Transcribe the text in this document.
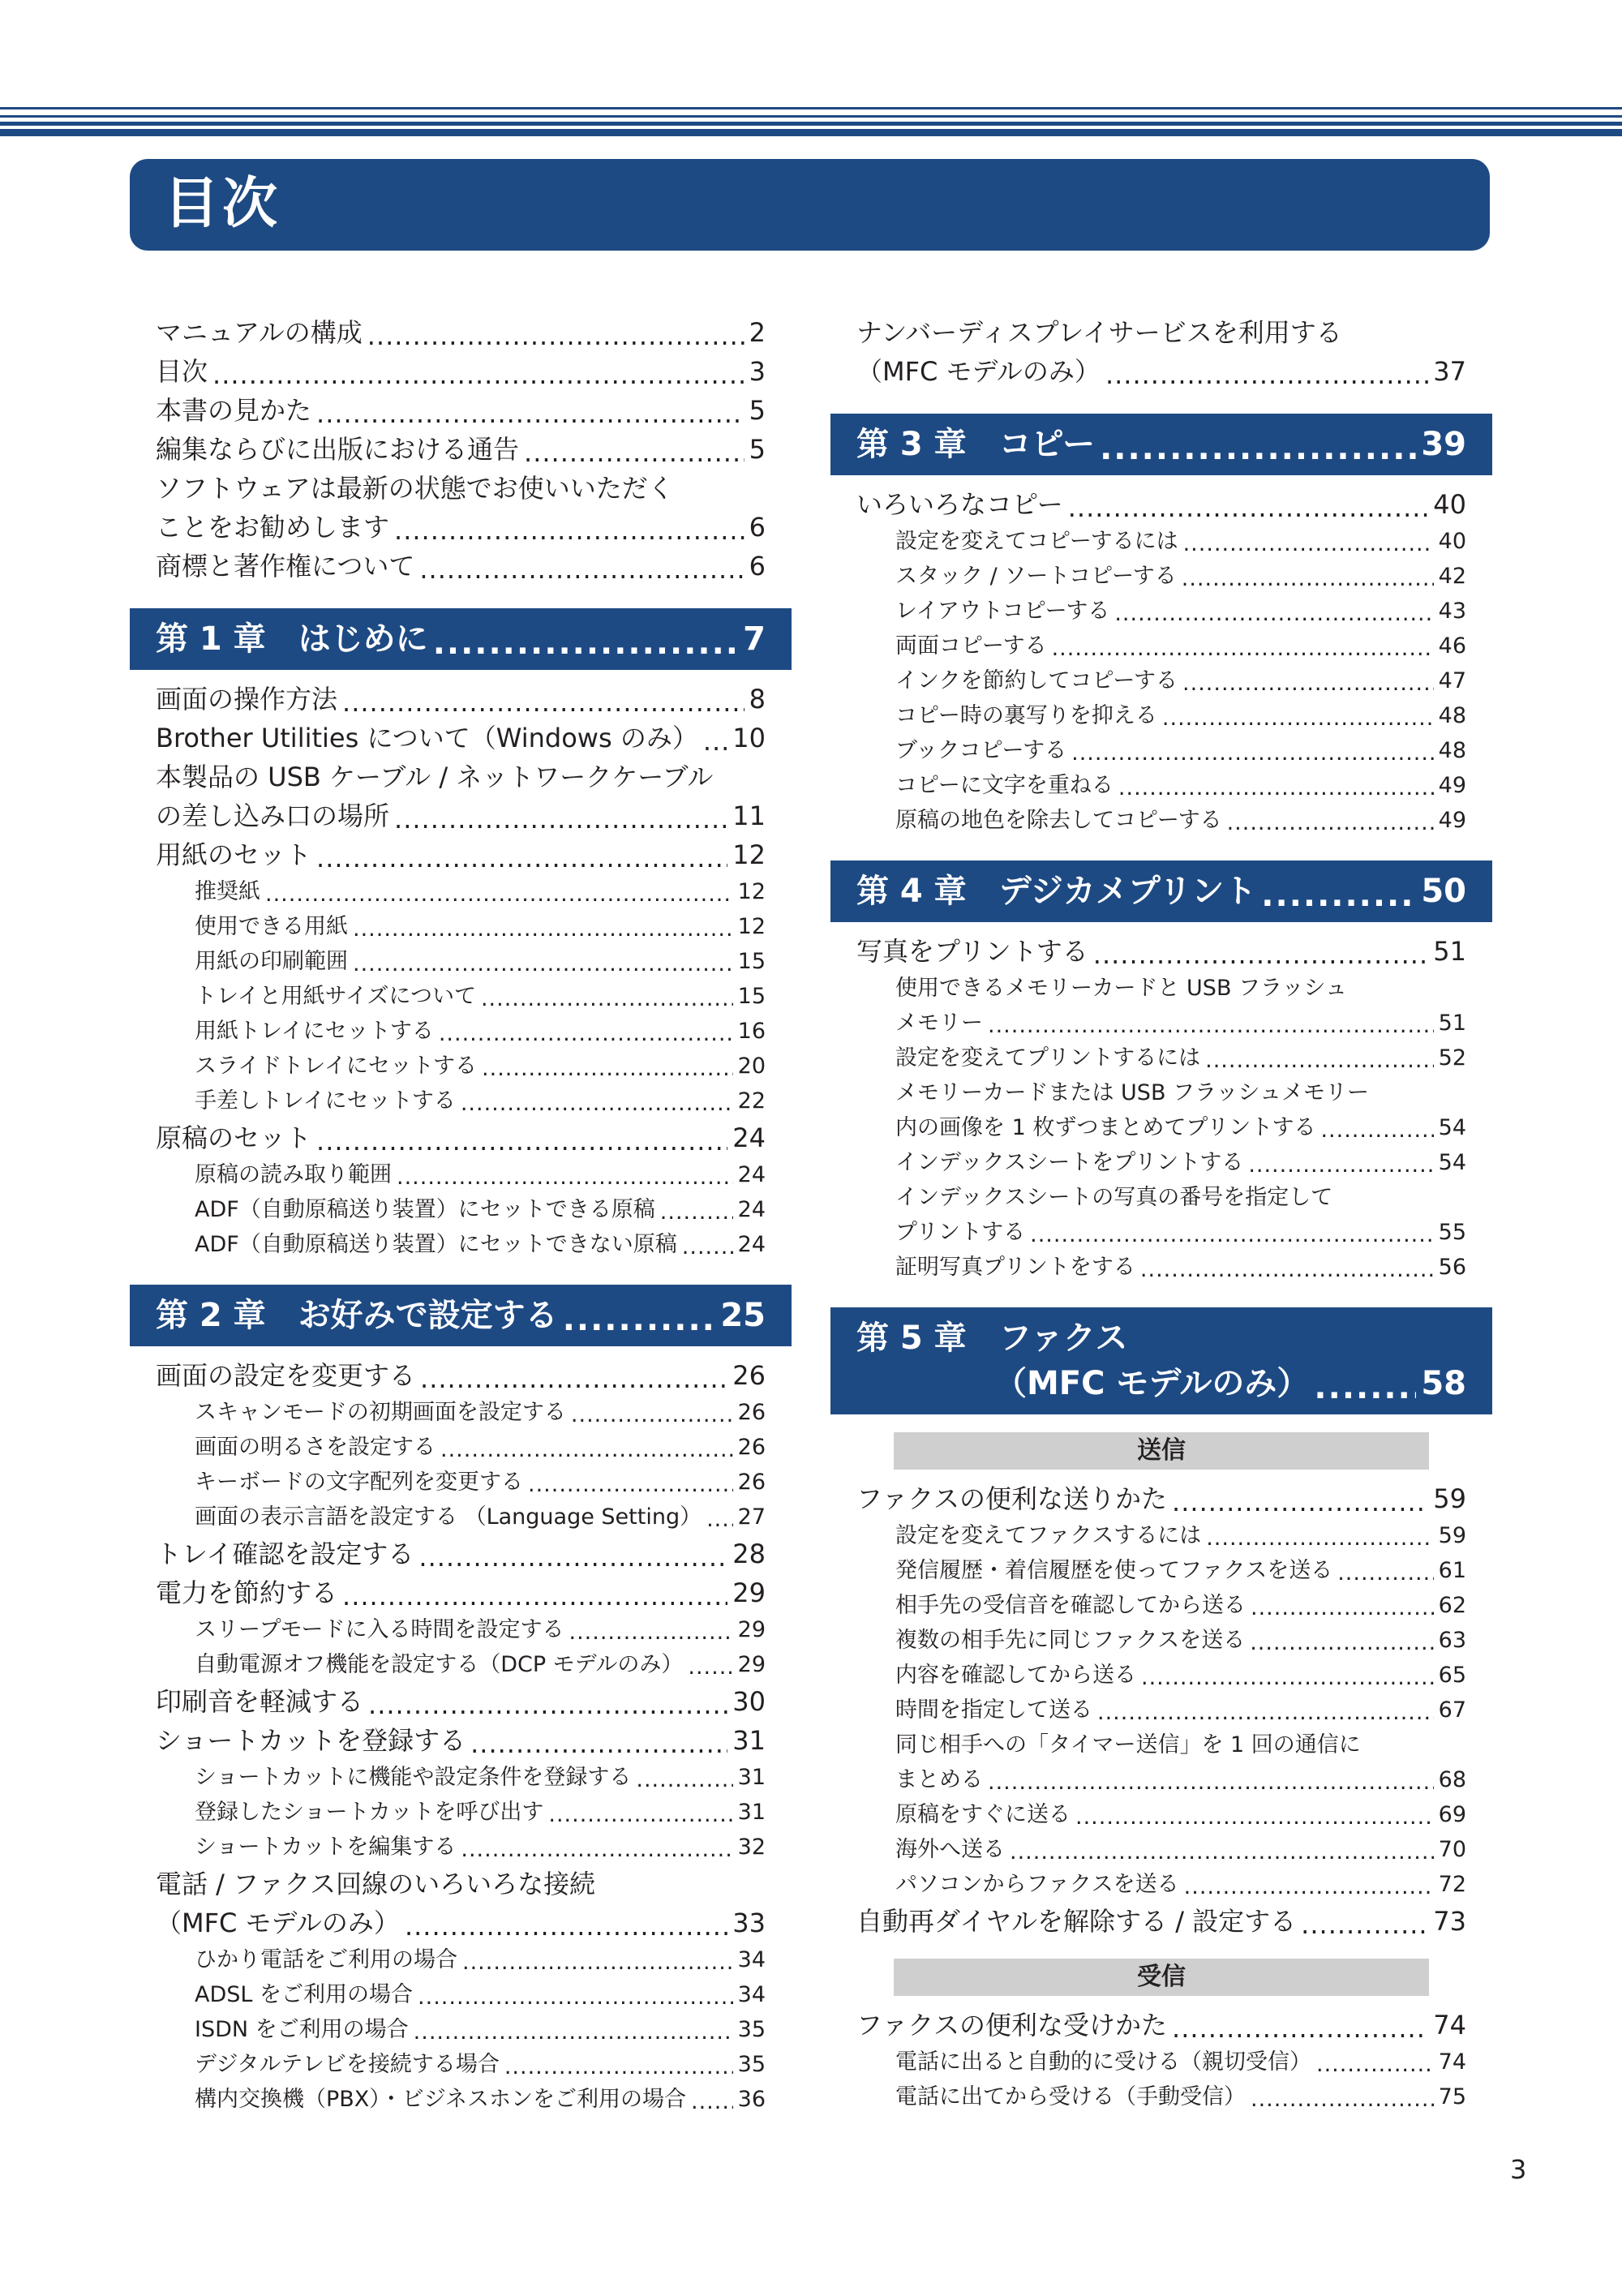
目次
マニュアルの構成 .....	2
目次 .....	3
本書の見かた .....	5
編集ならびに出版における通告 .....	5
ソフトウェアは最新の状態でお使いいただく
ことをお勧めします .....	6
商標と著作権について .....	6
第 1 章 はじめに .....	7
画面の操作方法 .....	8
Brother Utilities について（Windows のみ） ..... 10
本製品の USB ケーブル / ネットワークケーブル
の差し込み口の場所 .....	11
用紙のセット .....	12
推奨紙 .....	12
使用できる用紙 .....	12
用紙の印刷範囲 .....	15
トレイと用紙サイズについて .....	15
用紙トレイにセットする .....	16
スライドトレイにセットする .....	20
手差しトレイにセットする .....	22
原稿のセット .....	24
原稿の読み取り範囲 .....	24
ADF（自動原稿送り装置）にセットできる原稿 .....	24
ADF（自動原稿送り装置）にセットできない原稿 .....	24
第 2 章 お好みで設定する .....	25
画面の設定を変更する .....	26
スキャンモードの初期画面を設定する .....	26
画面の明るさを設定する .....	26
キーボードの文字配列を変更する .....	26
画面の表示言語を設定する （Language Setting） ..... 27
トレイ確認を設定する .....	28
電力を節約する .....	29
スリープモードに入る時間を設定する .....	29
自動電源オフ機能を設定する（DCP モデルのみ） ..... 29
印刷音を軽減する .....	30
ショートカットを登録する .....	31
ショートカットに機能や設定条件を登録する .....	31
登録したショートカットを呼び出す .....	31
ショートカットを編集する .....	32
電話 / ファクス回線のいろいろな接続
（MFC モデルのみ） .....	33
ひかり電話をご利用の場合 .....	34
ADSL をご利用の場合 .....	34
ISDN をご利用の場合 .....	35
デジタルテレビを接続する場合 .....	35
構内交換機（PBX）・ビジネスホンをご利用の場合 ..... 36
ナンバーディスプレイサービスを利用する
（MFC モデルのみ） .....	37
第 3 章 コピー .....	39
いろいろなコピー .....	40
設定を変えてコピーするには .....	40
スタック / ソートコピーする .....	42
レイアウトコピーする .....	43
両面コピーする .....	46
インクを節約してコピーする .....	47
コピー時の裏写りを抑える .....	48
ブックコピーする .....	48
コピーに文字を重ねる .....	49
原稿の地色を除去してコピーする .....	49
第 4 章 デジカメプリント .....	50
写真をプリントする .....	51
使用できるメモリーカードと USB フラッシュ
メモリー .....	51
設定を変えてプリントするには .....	52
メモリーカードまたは USB フラッシュメモリー
内の画像を 1 枚ずつまとめてプリントする .....	54
インデックスシートをプリントする .....	54
インデックスシートの写真の番号を指定して
プリントする .....	55
証明写真プリントをする .....	56
第 5 章 ファクス
（MFC モデルのみ） .....	58
送信
ファクスの便利な送りかた .....	59
設定を変えてファクスするには .....	59
発信履歴・着信履歴を使ってファクスを送る .....	61
相手先の受信音を確認してから送る .....	62
複数の相手先に同じファクスを送る .....	63
内容を確認してから送る .....	65
時間を指定して送る .....	67
同じ相手への「タイマー送信」を 1 回の通信に
まとめる .....	68
原稿をすぐに送る .....	69
海外へ送る .....	70
パソコンからファクスを送る .....	72
自動再ダイヤルを解除する / 設定する .....	73
受信
ファクスの便利な受けかた .....	74
電話に出ると自動的に受ける（親切受信） .....	74
電話に出てから受ける（手動受信） .....	75
3
